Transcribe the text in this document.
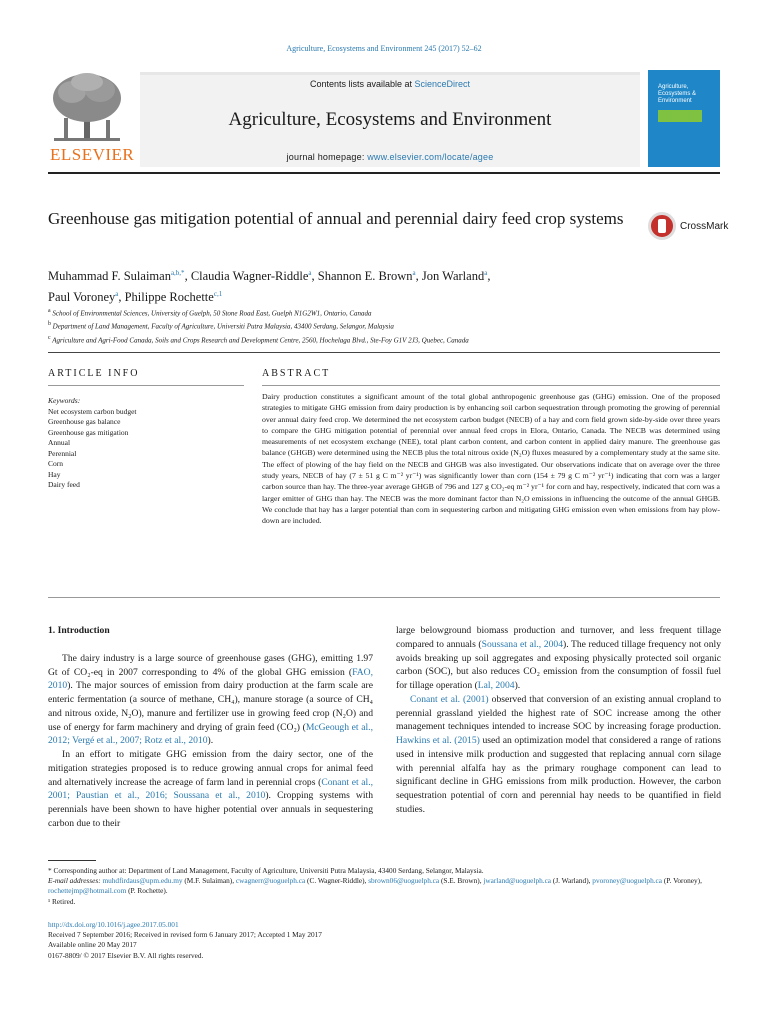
Agriculture, Ecosystems and Environment 245 (2017) 52–62
ELSEVIER
Contents lists available at ScienceDirect
Agriculture, Ecosystems and Environment
journal homepage: www.elsevier.com/locate/agee
Agriculture, Ecosystems & Environment
Greenhouse gas mitigation potential of annual and perennial dairy feed crop systems	CrossMark
Muhammad F. Sulaiman$^{a,b,*}$, Claudia Wagner-Riddle$^a$, Shannon E. Brown$^a$, Jon Warland$^a$,
Paul Voroney$^a$, Philippe Rochette$^{c,1}$
$^a$ School of Environmental Sciences, University of Guelph, 50 Stone Road East, Guelph N1G2W1, Ontario, Canada
$^b$ Department of Land Management, Faculty of Agriculture, Universiti Putra Malaysia, 43400 Serdang, Selangor, Malaysia
$^c$ Agriculture and Agri-Food Canada, Soils and Crops Research and Development Centre, 2560, Hochelaga Blvd., Ste-Foy G1V 2J3, Quebec, Canada
ARTICLE INFO	ABSTRACT
Keywords:
Net ecosystem carbon budget
Greenhouse gas balance
Greenhouse gas mitigation
Annual
Perennial
Corn
Hay
Dairy feed
Dairy production constitutes a significant amount of the total global anthropogenic greenhouse gas (GHG) emission. One of the proposed strategies to mitigate GHG emission from dairy production is by enhancing soil carbon sequestration through promoting the growing of perennial over annual dairy feed crop. We determined the net ecosystem carbon budget (NECB) of a hay and corn field grown side-by-side over three years to compare the GHG mitigation potential of perennial over annual feed crops in Elora, Ontario, Canada. The NECB was determined using measurements of net ecosystem exchange (NEE), total plant carbon content, and carbon content in applied dairy manure. The greenhouse gas balance (GHGB) were determined using the NECB plus the total nitrous oxide (N₂O) fluxes measured by a complementary study at the same site. The effect of plowing of the hay field on the NECB and GHGB was also investigated. Our observations indicate that on average over the three study years, NECB of hay (7 ± 51 g C m⁻² yr⁻¹) was significantly lower than corn (154 ± 79 g C m⁻² yr⁻¹) indicating that corn was a larger carbon source than hay. The three-year average GHGB of 796 and 127 g CO₂-eq m⁻² yr⁻¹ for corn and hay, respectively, indicated that corn was a larger emitter of GHG than hay. The NECB was the more dominant factor than N₂O emissions in influencing the outcome of the annual GHGB. We conclude that hay has a larger potential than corn in sequestering carbon and mitigating GHG emission even when emissions from hay plow-down are included.
1. Introduction

The dairy industry is a large source of greenhouse gases (GHG), emitting 1.97 Gt of CO₂-eq in 2007 corresponding to 4% of the global GHG emission (FAO, 2010). The major sources of emission from dairy production at the farm scale are enteric fermentation (a source of methane, CH₄), manure storage (a source of CH₄ and nitrous oxide, N₂O), manure and fertilizer use in growing feed crop (N₂O) and use of energy for farm machinery and drying of grain feed (CO₂) (McGeough et al., 2012; Vergé et al., 2007; Rotz et al., 2010).

In an effort to mitigate GHG emission from the dairy sector, one of the mitigation strategies proposed is to reduce growing annual crops for animal feed and alternatively increase the acreage of farm land in perennial crops (Conant et al., 2001; Paustian et al., 2016; Soussana et al., 2010). Cropping systems with perennials have been shown to have higher potential over annuals in sequestering carbon due to their

large belowground biomass production and turnover, and less frequent tillage compared to annuals (Soussana et al., 2004). The reduced tillage frequency not only avoids breaking up soil aggregates and exposing physically protected soil organic carbon (SOC), but also reduces CO₂ emission from the consumption of fossil fuel for tillage operation (Lal, 2004).

Conant et al. (2001) observed that conversion of an existing annual cropland to perennial grassland yielded the highest rate of SOC increase among the other management techniques intended to increase SOC by increasing forage production. Hawkins et al. (2015) used an optimization model that considered a range of rations used in intensive milk production and suggested that replacing annual corn silage with perennial alfalfa hay as the primary roughage component can lead to significant decline in GHG emissions from milk production. However, the carbon sequestration potential of corn and perennial hay needs to be quantified in field studies.

* Corresponding author at: Department of Land Management, Faculty of Agriculture, Universiti Putra Malaysia, 43400 Serdang, Selangor, Malaysia.
E-mail addresses: muhdfirdaus@upm.edu.my (M.F. Sulaiman), cwagnerr@uoguelph.ca (C. Wagner-Riddle), sbrown06@uoguelph.ca (S.E. Brown), jwarland@uoguelph.ca (J. Warland), pvoroney@uoguelph.ca (P. Voroney), rochettejmp@hotmail.com (P. Rochette).
¹ Retired.
http://dx.doi.org/10.1016/j.agee.2017.05.001
Received 7 September 2016; Received in revised form 6 January 2017; Accepted 1 May 2017
Available online 20 May 2017
0167-8809/ © 2017 Elsevier B.V. All rights reserved.
